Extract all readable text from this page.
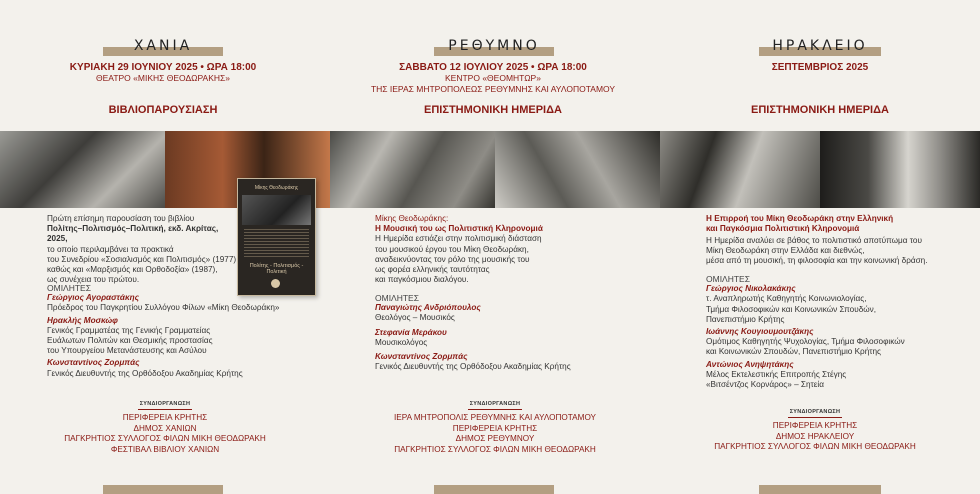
ΧΑΝΙΑ
ΚΥΡΙΑΚΗ 29 ΙΟΥΝΙΟΥ 2025 • ΩΡΑ 18:00
ΘΕΑΤΡΟ «ΜΙΚΗΣ ΘΕΟΔΩΡΑΚΗΣ»
ΒΙΒΛΙΟΠΑΡΟΥΣΙΑΣΗ
Μίκης Θεοδωράκης
Πολίτης - Πολιτισμός - Πολιτική
Πρώτη επίσημη παρουσίαση του βιβλίου
Πολίτης–Πολιτισμός–Πολιτική, εκδ. Ακρίτας, 2025,
το οποίο περιλαμβάνει τα πρακτικά
του Συνεδρίου «Σοσιαλισμός και Πολιτισμός» (1977)
καθώς και «Μαρξισμός και Ορθοδοξία» (1987),
ως συνέχεια του πρώτου.
ΟΜΙΛΗΤΕΣ
Γεώργιος Αγοραστάκης
Πρόεδρος του Παγκρητίου Συλλόγου Φίλων «Μίκη Θεοδωράκη»
Ηρακλής Μοσκώφ
Γενικός Γραμματέας της Γενικής Γραμματείας
Ευάλωτων Πολιτών και Θεσμικής προστασίας
του Υπουργείου Μετανάστευσης και Ασύλου
Κωνσταντίνος Ζορμπάς
Γενικός Διευθυντής της Ορθόδοξου Ακαδημίας Κρήτης
ΣΥΝΔΙΟΡΓΑΝΩΣΗ
ΠΕΡΙΦΕΡΕΙΑ ΚΡΗΤΗΣ
ΔΗΜΟΣ ΧΑΝΙΩΝ
ΠΑΓΚΡΗΤΙΟΣ ΣΥΛΛΟΓΟΣ ΦΙΛΩΝ ΜΙΚΗ ΘΕΟΔΩΡΑΚΗ
ΦΕΣΤΙΒΑΛ ΒΙΒΛΙΟΥ ΧΑΝΙΩΝ
ΡΕΘΥΜΝΟ
ΣΑΒΒΑΤΟ 12 ΙΟΥΛΙΟΥ 2025 • ΩΡΑ 18:00
ΚΕΝΤΡΟ «ΘΕΟΜΗΤΩΡ»
ΤΗΣ ΙΕΡΑΣ ΜΗΤΡΟΠΟΛΕΩΣ ΡΕΘΥΜΝΗΣ ΚΑΙ ΑΥΛΟΠΟΤΑΜΟΥ
ΕΠΙΣΤΗΜΟΝΙΚΗ ΗΜΕΡΙΔΑ
Μίκης Θεοδωράκης:
Η Μουσική του ως Πολιτιστική Κληρονομιά
Η Ημερίδα εστιάζει στην πολιτισμική διάσταση
του μουσικού έργου του Μίκη Θεοδωράκη,
αναδεικνύοντας τον ρόλο της μουσικής του
ως φορέα ελληνικής ταυτότητας
και παγκόσμιου διαλόγου.
ΟΜΙΛΗΤΕΣ
Παναγιώτης Ανδριόπουλος
Θεολόγος – Μουσικός
Στεφανία Μεράκου
Μουσικολόγος
Κωνσταντίνος Ζορμπάς
Γενικός Διευθυντής της Ορθόδοξου Ακαδημίας Κρήτης
ΣΥΝΔΙΟΡΓΑΝΩΣΗ
ΙΕΡΑ ΜΗΤΡΟΠΟΛΙΣ ΡΕΘΥΜΝΗΣ ΚΑΙ ΑΥΛΟΠΟΤΑΜΟΥ
ΠΕΡΙΦΕΡΕΙΑ ΚΡΗΤΗΣ
ΔΗΜΟΣ ΡΕΘΥΜΝΟΥ
ΠΑΓΚΡΗΤΙΟΣ ΣΥΛΛΟΓΟΣ ΦΙΛΩΝ ΜΙΚΗ ΘΕΟΔΩΡΑΚΗ
ΗΡΑΚΛΕΙΟ
ΣΕΠΤΕΜΒΡΙΟΣ 2025
ΕΠΙΣΤΗΜΟΝΙΚΗ ΗΜΕΡΙΔΑ
Η Επιρροή του Μίκη Θεοδωράκη στην Ελληνική
και Παγκόσμια Πολιτιστική Κληρονομιά
Η Ημερίδα αναλύει σε βάθος το πολιτιστικό αποτύπωμα του
Μίκη Θεοδωράκη στην Ελλάδα και διεθνώς,
μέσα από τη μουσική, τη φιλοσοφία και την κοινωνική δράση.
ΟΜΙΛΗΤΕΣ
Γεώργιος Νικολακάκης
τ. Αναπληρωτής Καθηγητής Κοινωνιολογίας,
Τμήμα Φιλοσοφικών και Κοινωνικών Σπουδών,
Πανεπιστήμιο Κρήτης
Ιωάννης Κουγιουμουτζάκης
Ομότιμος Καθηγητής Ψυχολογίας, Τμήμα Φιλοσοφικών
και Κοινωνικών Σπουδών, Πανεπιστήμιο Κρήτης
Αντώνιος Ανηψητάκης
Μέλος Εκτελεστικής Επιτροπής Στέγης
«Βιτσέντζος Κορνάρος» – Σητεία
ΣΥΝΔΙΟΡΓΑΝΩΣΗ
ΠΕΡΙΦΕΡΕΙΑ ΚΡΗΤΗΣ
ΔΗΜΟΣ ΗΡΑΚΛΕΙΟΥ
ΠΑΓΚΡΗΤΙΟΣ ΣΥΛΛΟΓΟΣ ΦΙΛΩΝ ΜΙΚΗ ΘΕΟΔΩΡΑΚΗ
